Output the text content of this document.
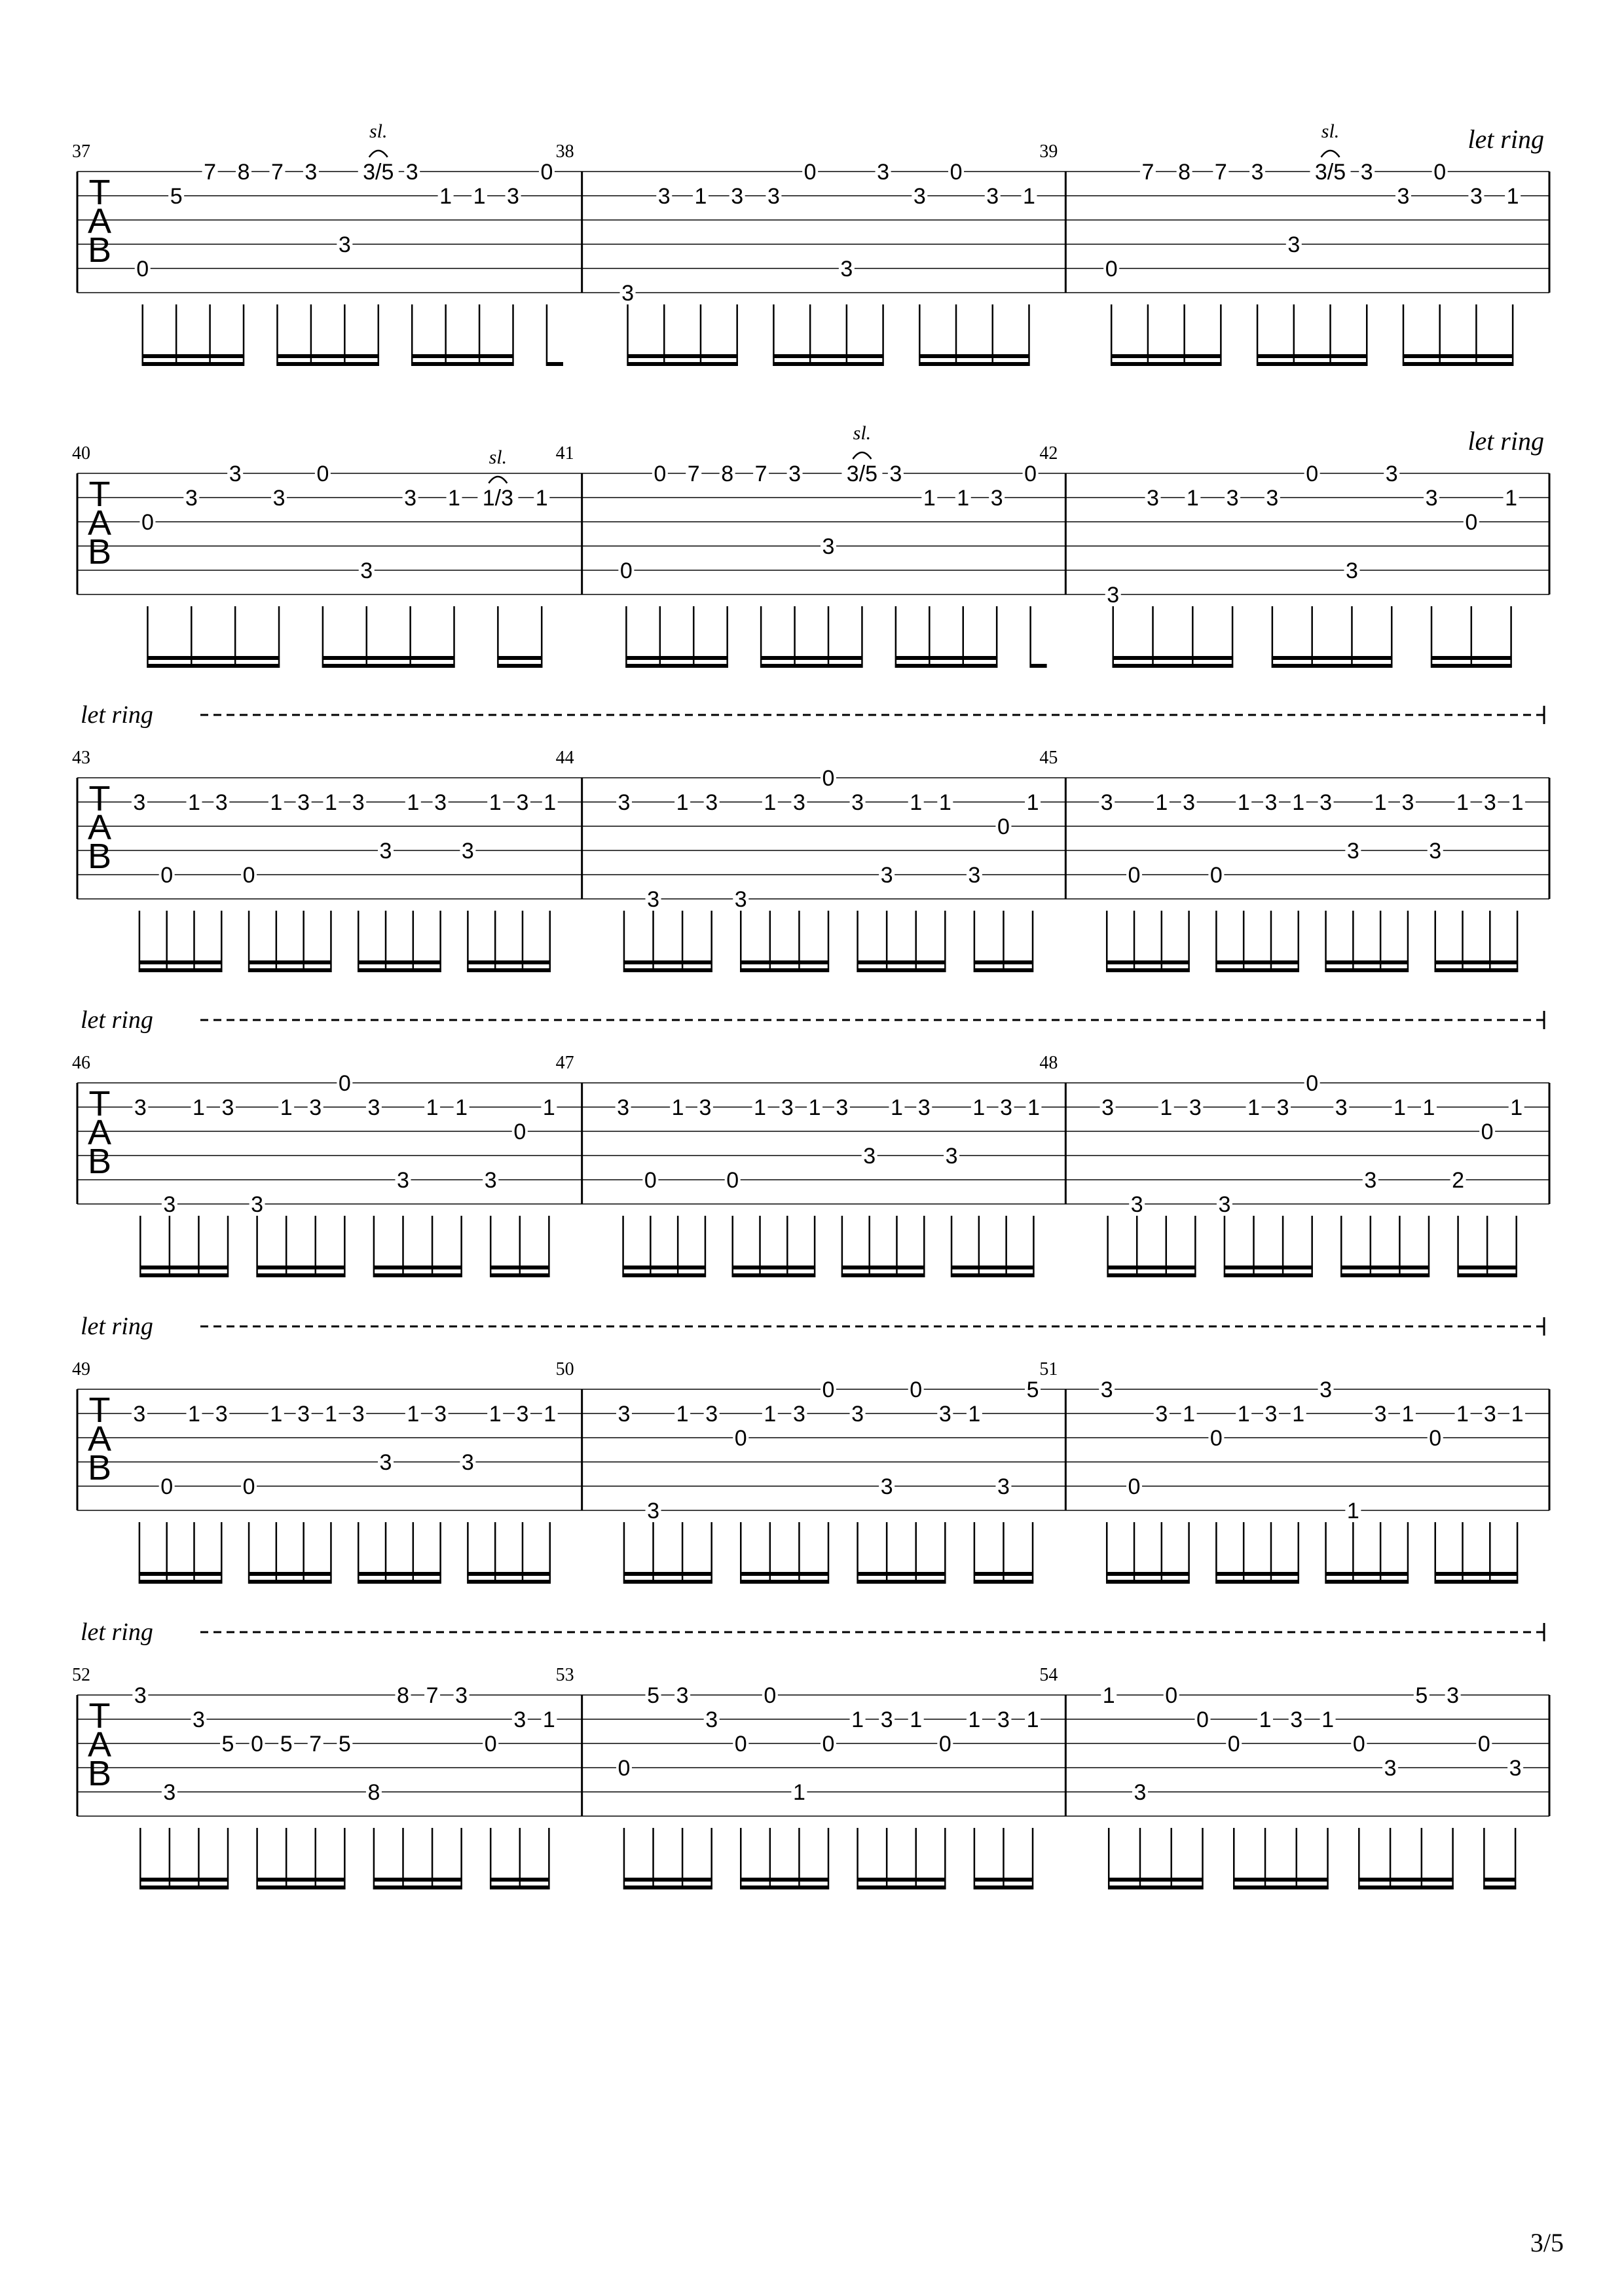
let ring
T
A
B
37
0
5
7 8 7 3
3
3/5
sl.
3
1 1 3
0
38
3
3 1 3 3
0
3
3
3
0
3 1
39
0
7 8 7 3
3
3/5
sl.
3
3
0
3 1
let ring
T
A
B
40
0
3
3
3
0
3
3 1 1/3
sl.
1
41
0
0 7 8 7 3
3
3/5
sl.
3
1 1 3
0
42
3
3 1 3 3
0
3
3
3
0
1
let ring
T
A
B
43
3
0
1 3
0
1 3 1 3
3
1 3
3
1 3 1
44
3
3
1 3
3
1 3
0
3
3
1 1
3
0
1
45
3
0
1 3
0
1 3 1 3
3
1 3
3
1 3 1
let ring
T
A
B
46
3
3
1 3
3
1 3
0
3
3
1 1
3
0
1
47
3
0
1 3
0
1 3 1 3
3
1 3
3
1 3 1
48
3
3
1 3
3
1 3
0
3
3
1 1
2
0
1
let ring
T
A
B
49
3
0
1 3
0
1 3 1 3
3
1 3
3
1 3 1
50
3
3
1 3
0
1 3
0
3
3
0
3 1
3
5
51
3
0
3 1
0
1 3 1
3
1
3 1
0
1 3 1
let ring
T
A
B
52
3
3
3
5 0 5 7 5
8
8 7 3
0
3 1
53
0
5 3
3
0
0
1
0
1 3 1
0
1 3 1
54
1
3
0
0
0
1 3 1
0
3
5 3
0
3
3/5
